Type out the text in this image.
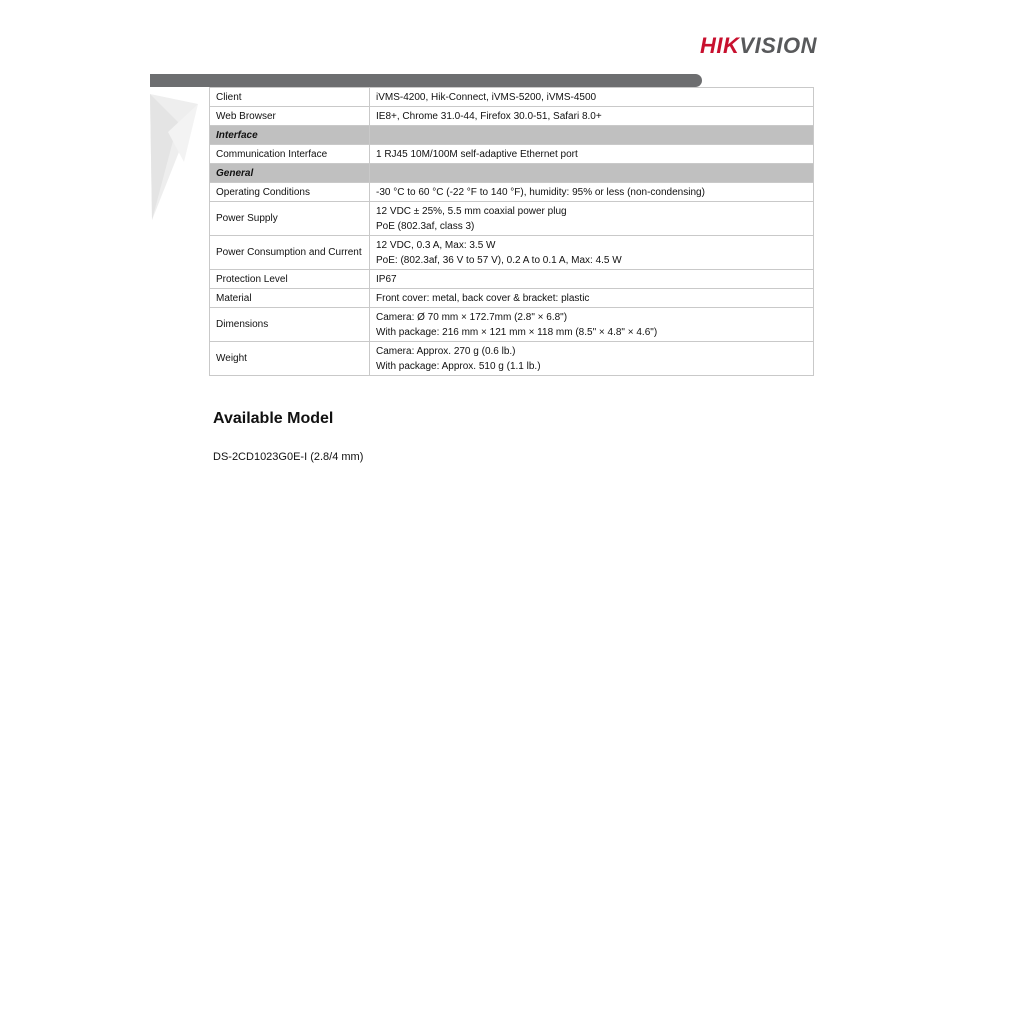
HIKVISION
Client	iVMS-4200, Hik-Connect, iVMS-5200, iVMS-4500

Web Browser	IE8+, Chrome 31.0-44, Firefox 30.0-51, Safari 8.0+

Interface	
Communication Interface	1 RJ45 10M/100M self-adaptive Ethernet port

General	
Operating Conditions	-30 °C to 60 °C (-22 °F to 140 °F), humidity: 95% or less (non-condensing)

Power Supply	12 VDC ± 25%, 5.5 mm coaxial power plug
PoE (802.3af, class 3)

Power Consumption and Current	12 VDC, 0.3 A, Max: 3.5 W
PoE: (802.3af, 36 V to 57 V), 0.2 A to 0.1 A, Max: 4.5 W

Protection Level	IP67

Material	Front cover: metal, back cover & bracket: plastic

Dimensions	Camera: Ø 70 mm × 172.7mm (2.8" × 6.8")
With package: 216 mm × 121 mm × 118 mm (8.5" × 4.8" × 4.6")

Weight	Camera: Approx. 270 g (0.6 lb.)
With package: Approx. 510 g (1.1 lb.)
Available Model
DS-2CD1023G0E-I (2.8/4 mm)
